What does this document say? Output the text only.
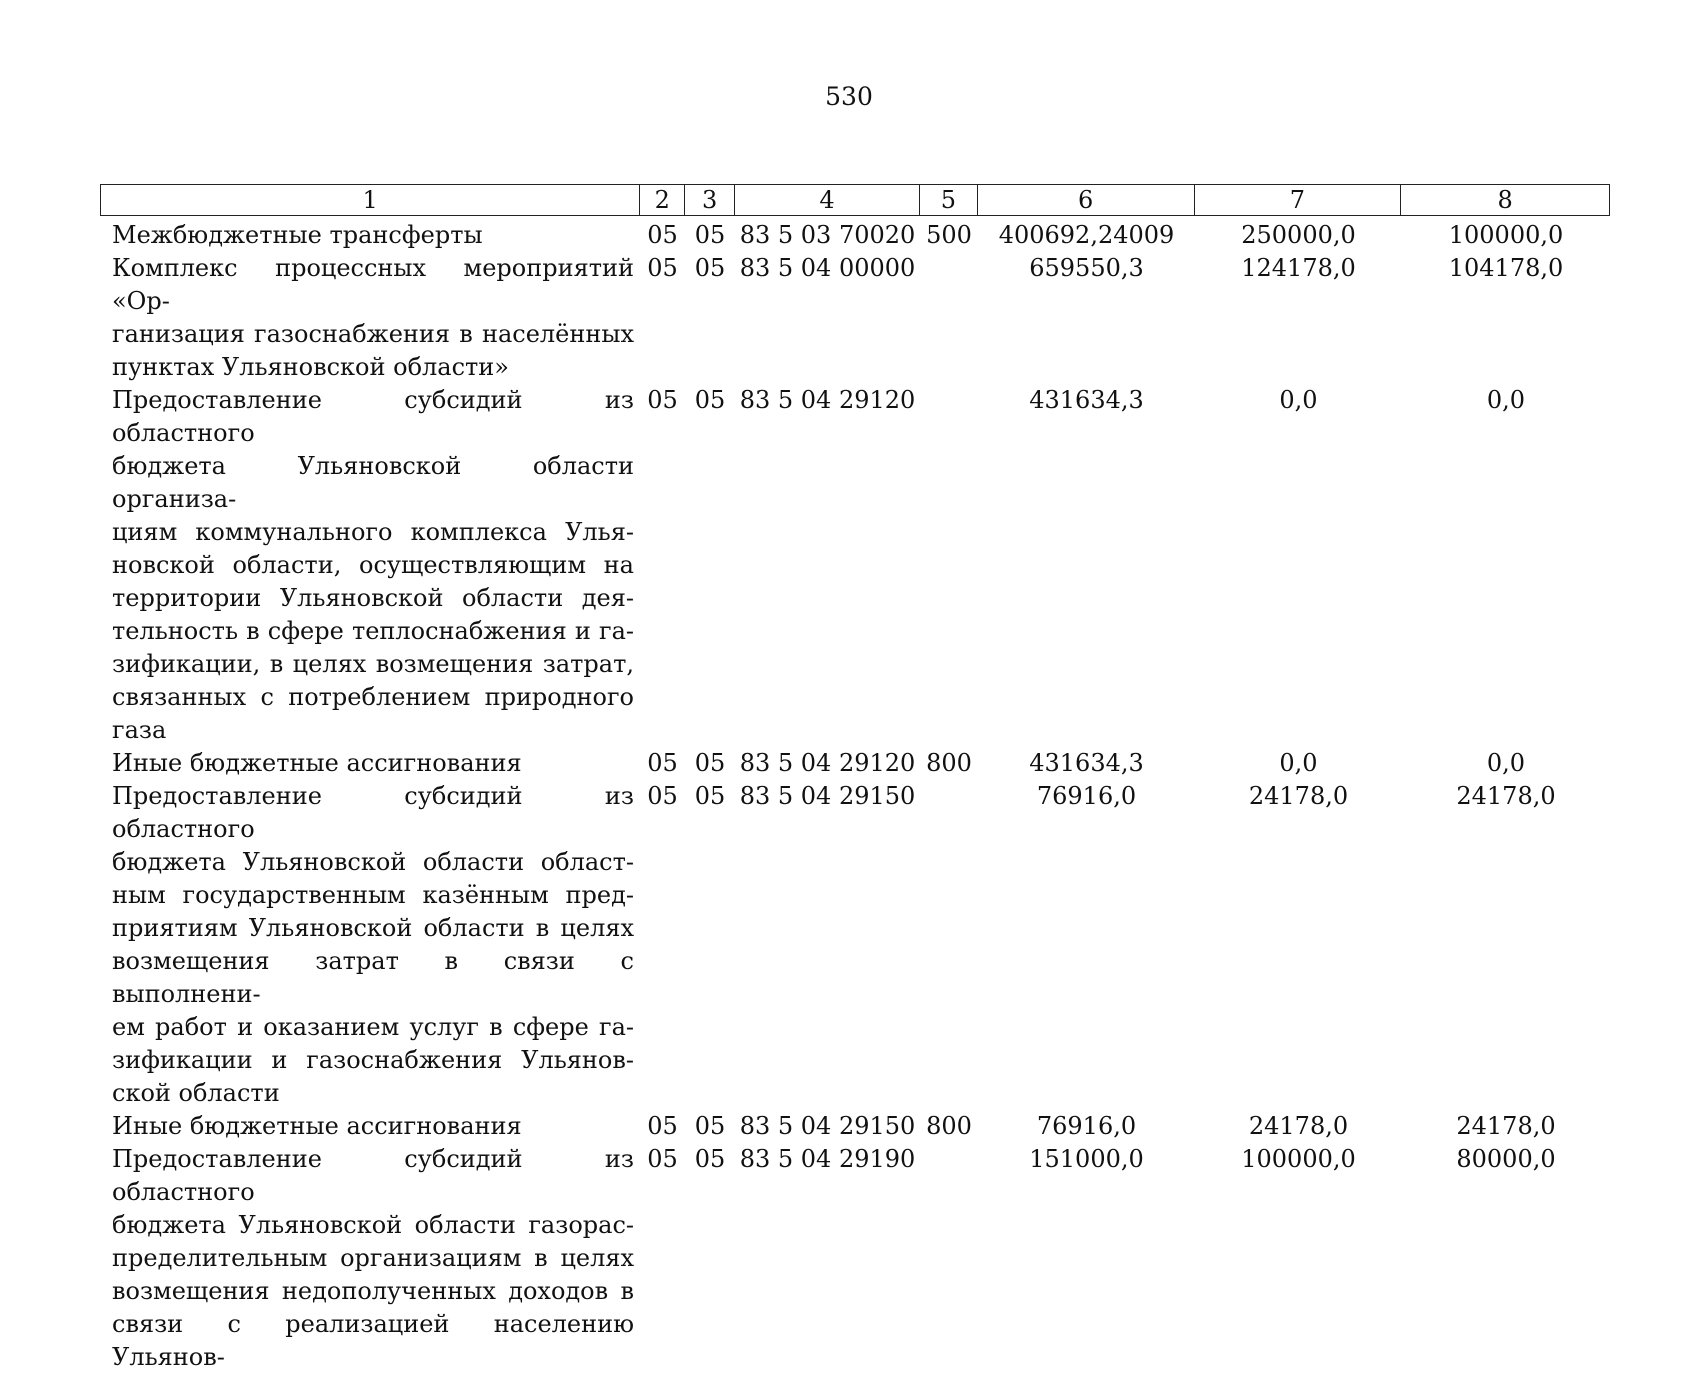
530
1	2	3	4	5	6	7	8
Межбюджетные трансферты	05 05 83 5 03 70020 500	400692,24009	250000,0	100000,0
Комплекс процессных мероприятий «Ор-
ганизация газоснабжения в населённых
пунктах Ульяновской области»
05 05 83 5 04 00000	659550,3	124178,0	104178,0
Предоставление субсидий из областного
бюджета Ульяновской области организа-
циям коммунального комплекса Улья-
новской области, осуществляющим на
территории Ульяновской области дея-
тельность в сфере теплоснабжения и га-
зификации, в целях возмещения затрат,
связанных с потреблением природного
газа
05 05 83 5 04 29120	431634,3	0,0	0,0
Иные бюджетные ассигнования	05 05 83 5 04 29120 800	431634,3	0,0	0,0
Предоставление субсидий из областного
бюджета Ульяновской области област-
ным государственным казённым пред-
приятиям Ульяновской области в целях
возмещения затрат в связи с выполнени-
ем работ и оказанием услуг в сфере га-
зификации и газоснабжения Ульянов-
ской области
05 05 83 5 04 29150	76916,0	24178,0	24178,0
Иные бюджетные ассигнования	05 05 83 5 04 29150 800	76916,0	24178,0	24178,0
Предоставление субсидий из областного
бюджета Ульяновской области газорас-
пределительным организациям в целях
возмещения недополученных доходов в
связи с реализацией населению Ульянов-
05 05 83 5 04 29190	151000,0	100000,0	80000,0
